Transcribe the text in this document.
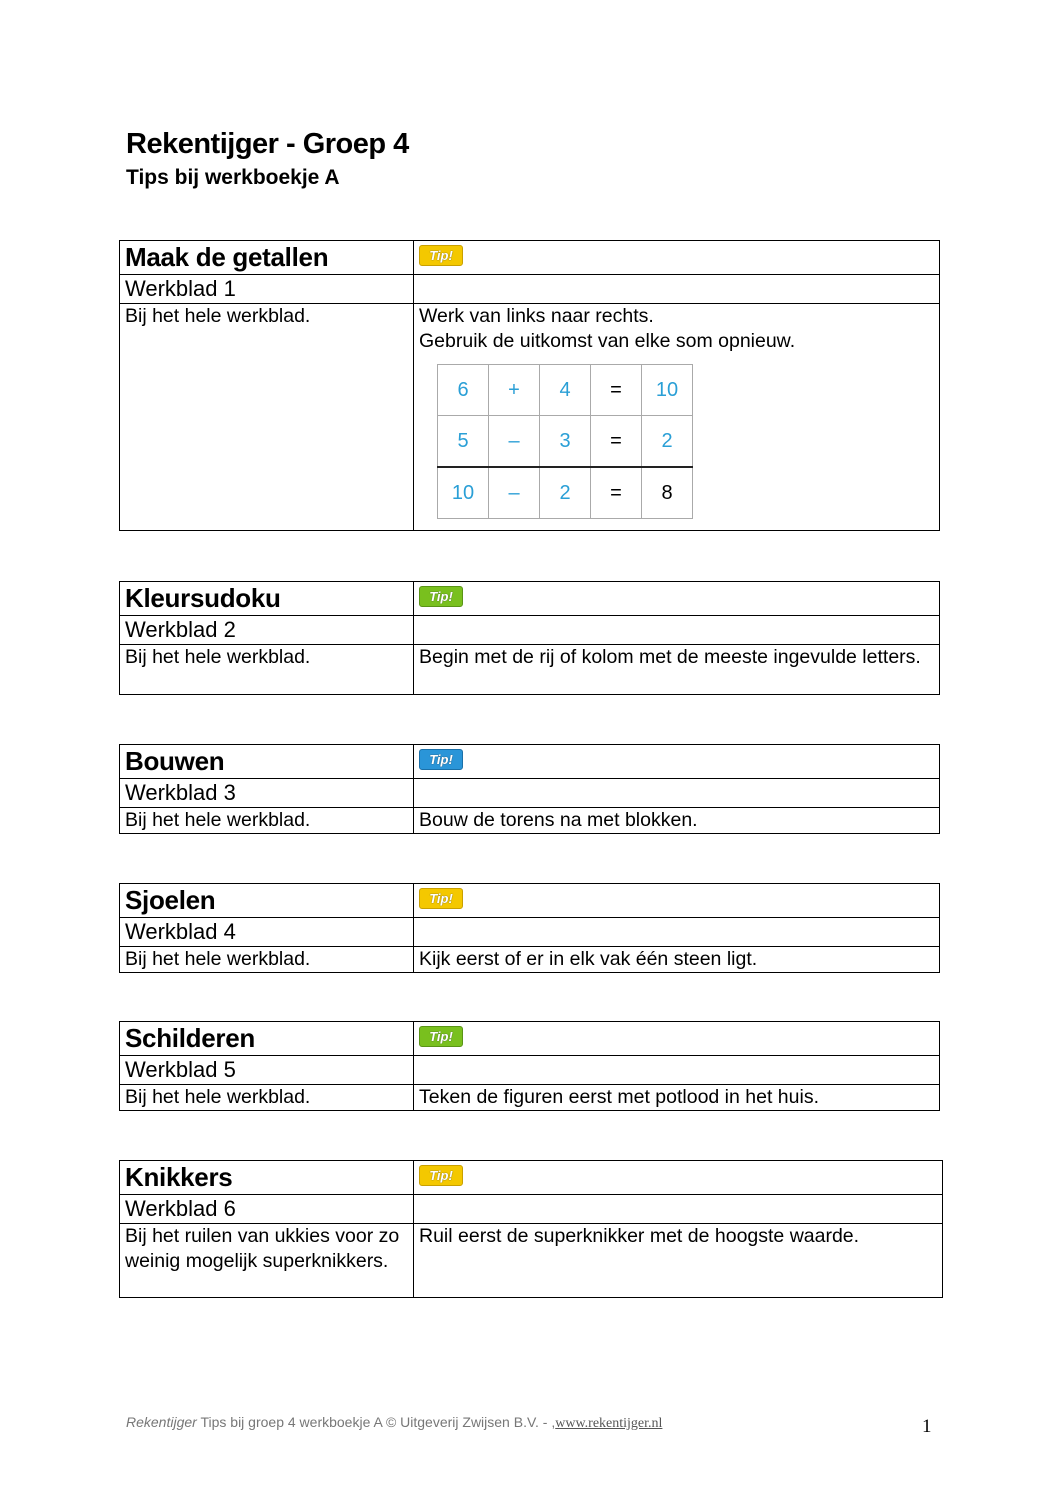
Rekentijger - Groep 4
Tips bij werkboekje A
Maak de getallen	Tip!
Werkblad 1	
Bij het hele werkblad.	Werk van links naar rechts.
Gebruik de uitkomst van elke som opnieuw.
6	+	4	=	10
5	–	3	=	2
10	–	2	=	8
Kleursudoku	Tip!
Werkblad 2	
Bij het hele werkblad.	Begin met de rij of kolom met de meeste ingevulde letters.
Bouwen	Tip!
Werkblad 3	
Bij het hele werkblad.	Bouw de torens na met blokken.
Sjoelen	Tip!
Werkblad 4	
Bij het hele werkblad.	Kijk eerst of er in elk vak één steen ligt.
Schilderen	Tip!
Werkblad 5	
Bij het hele werkblad.	Teken de figuren eerst met potlood in het huis.
Knikkers	Tip!
Werkblad 6	
Bij het ruilen van ukkies voor zo weinig mogelijk superknikkers.	Ruil eerst de superknikker met de hoogste waarde.
Rekentijger Tips bij groep 4 werkboekje A © Uitgeverij Zwijsen B.V. - ,www.rekentijger.nl	1
